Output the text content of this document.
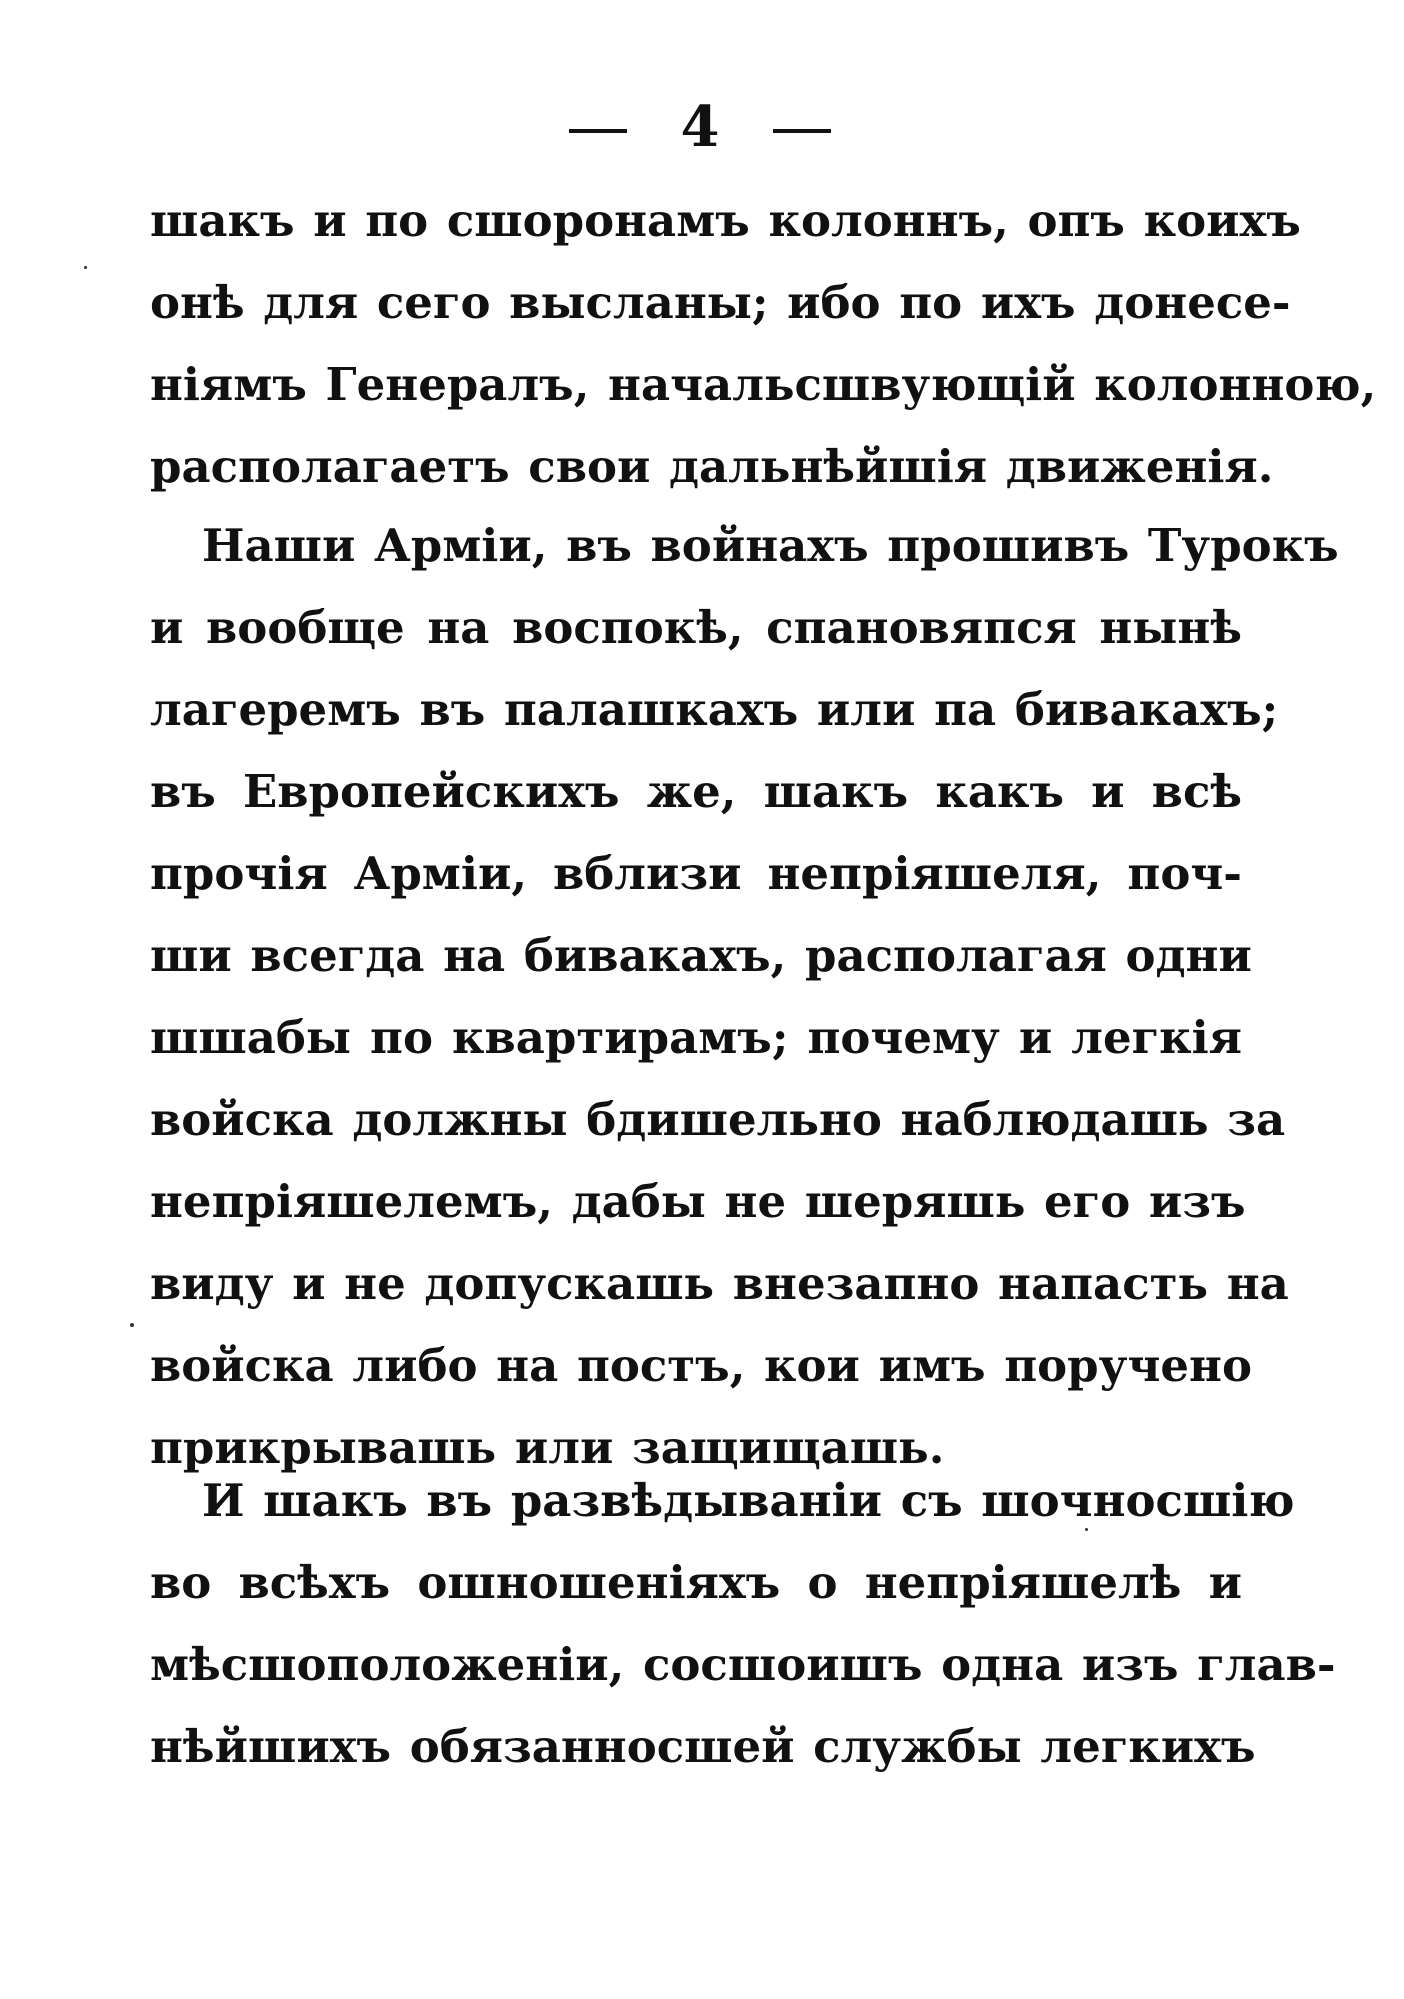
4
шакъ и по сшоронамъ колоннъ, опъ коихъ
онѣ для сего высланы; ибо по ихъ донесе-
нiямъ Генералъ, начальсшвующiй колонною,
располагаетъ свои дальнѣйшiя движенiя.
Наши Армiи, въ войнахъ прошивъ Турокъ
и вообще на воспокѣ, спановяпся нынѣ
лагеремъ въ палашкахъ или па бивакахъ;
въ Европейскихъ же, шакъ какъ и всѣ
прочiя Армiи, вблизи непрiяшеля, поч-
ши всегда на бивакахъ, располагая одни
шшабы по квартирамъ; почему и легкiя
войска должны бдишельно наблюдашь за
непрiяшелемъ, дабы не шеряшь его изъ
виду и не допускашь внезапно напасть на
войска либо на постъ, кои имъ поручено
прикрывашь или защищашь.
И шакъ въ развѣдываніи съ шочносшiю
во всѣхъ ошношенiяхъ о непрiяшелѣ и
мѣсшоположенiи, сосшоишъ одна изъ глав-
нѣйшихъ обязанносшей службы легкихъ
